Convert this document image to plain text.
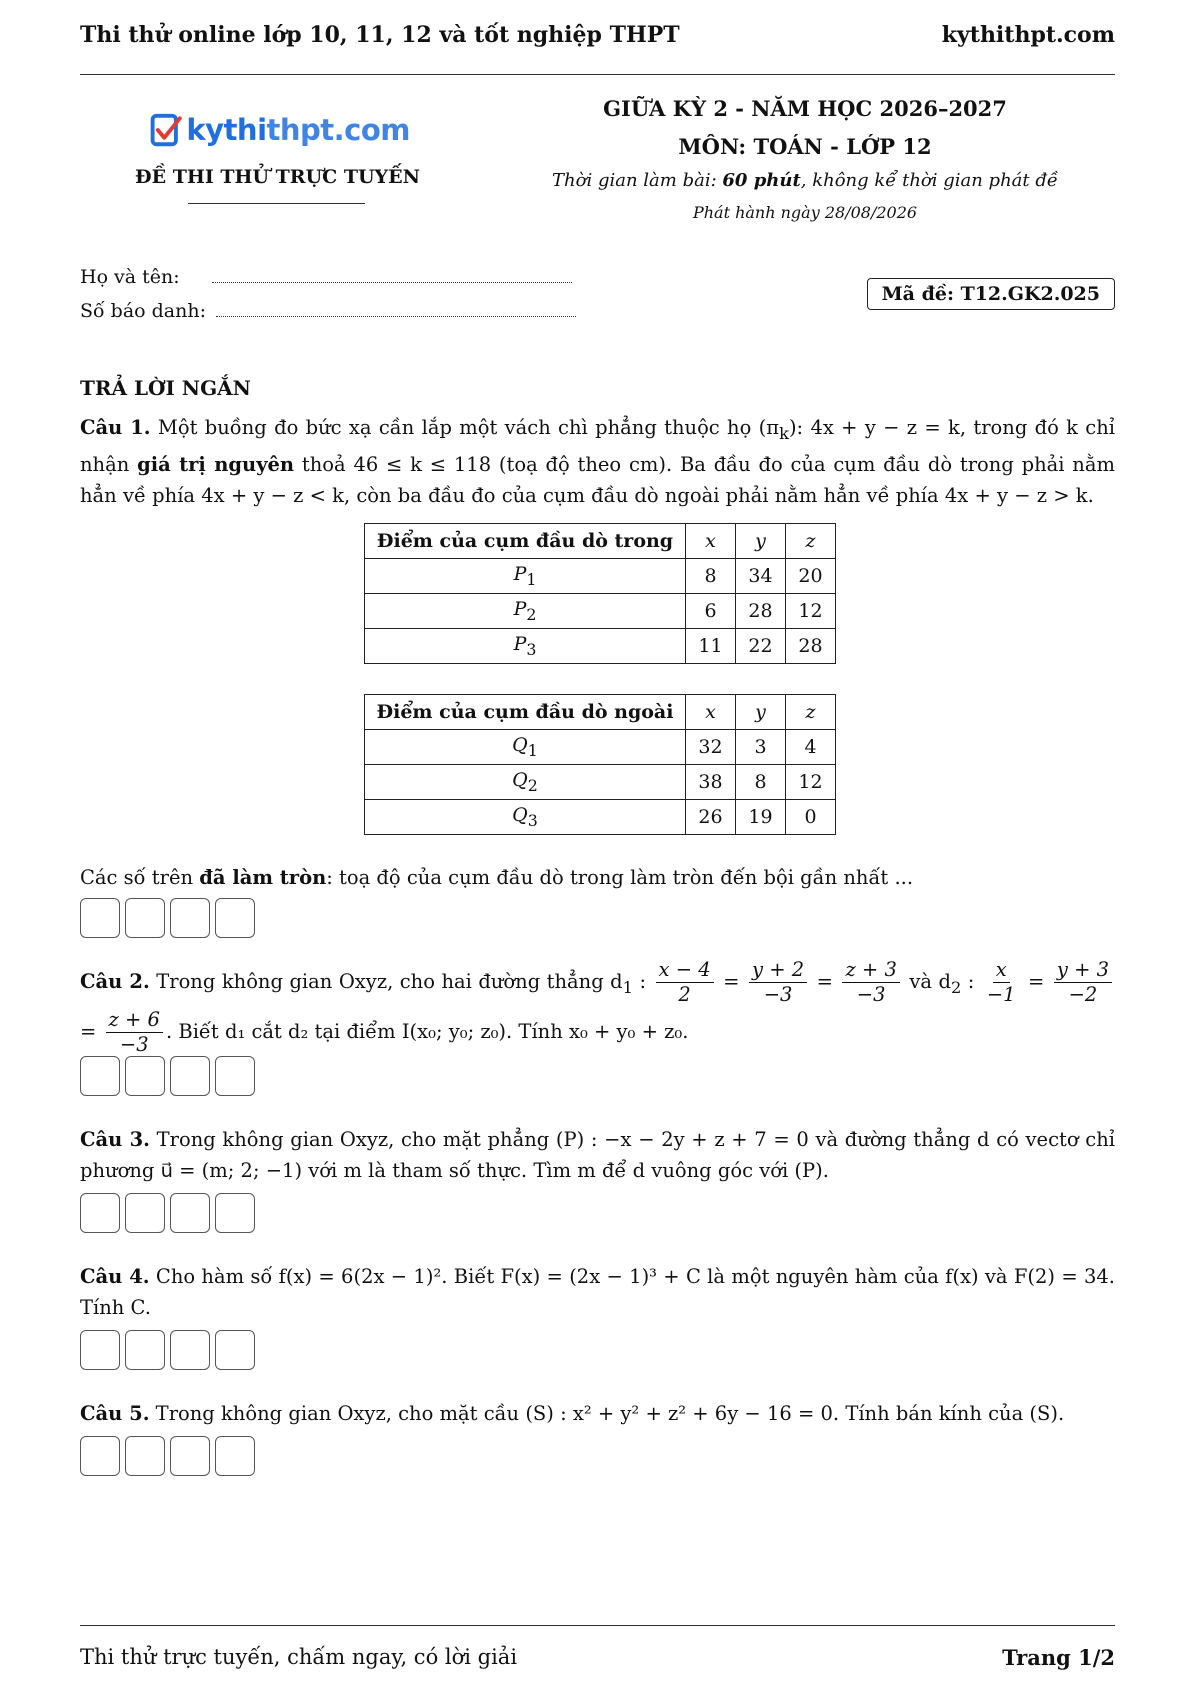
Thi thử online lớp 10, 11, 12 và tốt nghiệp THPT	kythithpt.com
kythithpt.com
ĐỀ THI THỬ TRỰC TUYẾN
GIỮA KỲ 2 - NĂM HỌC 2026–2027
MÔN: TOÁN - LỚP 12
Thời gian làm bài: 60 phút, không kể thời gian phát đề
Phát hành ngày 28/08/2026
Họ và tên:
Số báo danh:
Mã đề: T12.GK2.025
TRẢ LỜI NGẮN
Câu 1. Một buồng đo bức xạ cần lắp một vách chì phẳng thuộc họ $(\pi_k)$: 4x + y − z = k, trong đó k chỉ nhận giá trị nguyên thoả 46 ≤ k ≤ 118 (toạ độ theo cm). Ba đầu đo của cụm đầu dò trong phải nằm hẳn về phía 4x + y − z < k, còn ba đầu đo của cụm đầu dò ngoài phải nằm hẳn về phía 4x + y − z > k.
Điểm của cụm đầu dò trong	x	y	z
$P_1$	8	34	20
$P_2$	6	28	12
$P_3$	11	22	28
Điểm của cụm đầu dò ngoài	x	y	z
$Q_1$	32	3	4
$Q_2$	38	8	12
$Q_3$	26	19	0
Các số trên đã làm tròn: toạ độ của cụm đầu dò trong làm tròn đến bội gần nhất ...
Câu 2. Trong không gian Oxyz, cho hai đường thẳng $d_1$ : $\frac{x - 4}{2} = \frac{y + 2}{-3} = \frac{z + 3}{-3}$ và $d_2$ : $\frac{x}{-1} = \frac{y + 3}{-2}$
= $\frac{z + 6}{-3}$ . Biết d₁ cắt d₂ tại điểm I(x₀; y₀; z₀). Tính x₀ + y₀ + z₀.
Câu 3. Trong không gian Oxyz, cho mặt phẳng (P) : −x − 2y + z + 7 = 0 và đường thẳng d có vectơ chỉ phương u⃗ = (m; 2; −1) với m là tham số thực. Tìm m để d vuông góc với (P).
Câu 4. Cho hàm số f(x) = 6(2x − 1)². Biết F(x) = (2x − 1)³ + C là một nguyên hàm của f(x) và F(2) = 34. Tính C.
Câu 5. Trong không gian Oxyz, cho mặt cầu (S) : x² + y² + z² + 6y − 16 = 0. Tính bán kính của (S).
Thi thử trực tuyến, chấm ngay, có lời giải	Trang 1/2
